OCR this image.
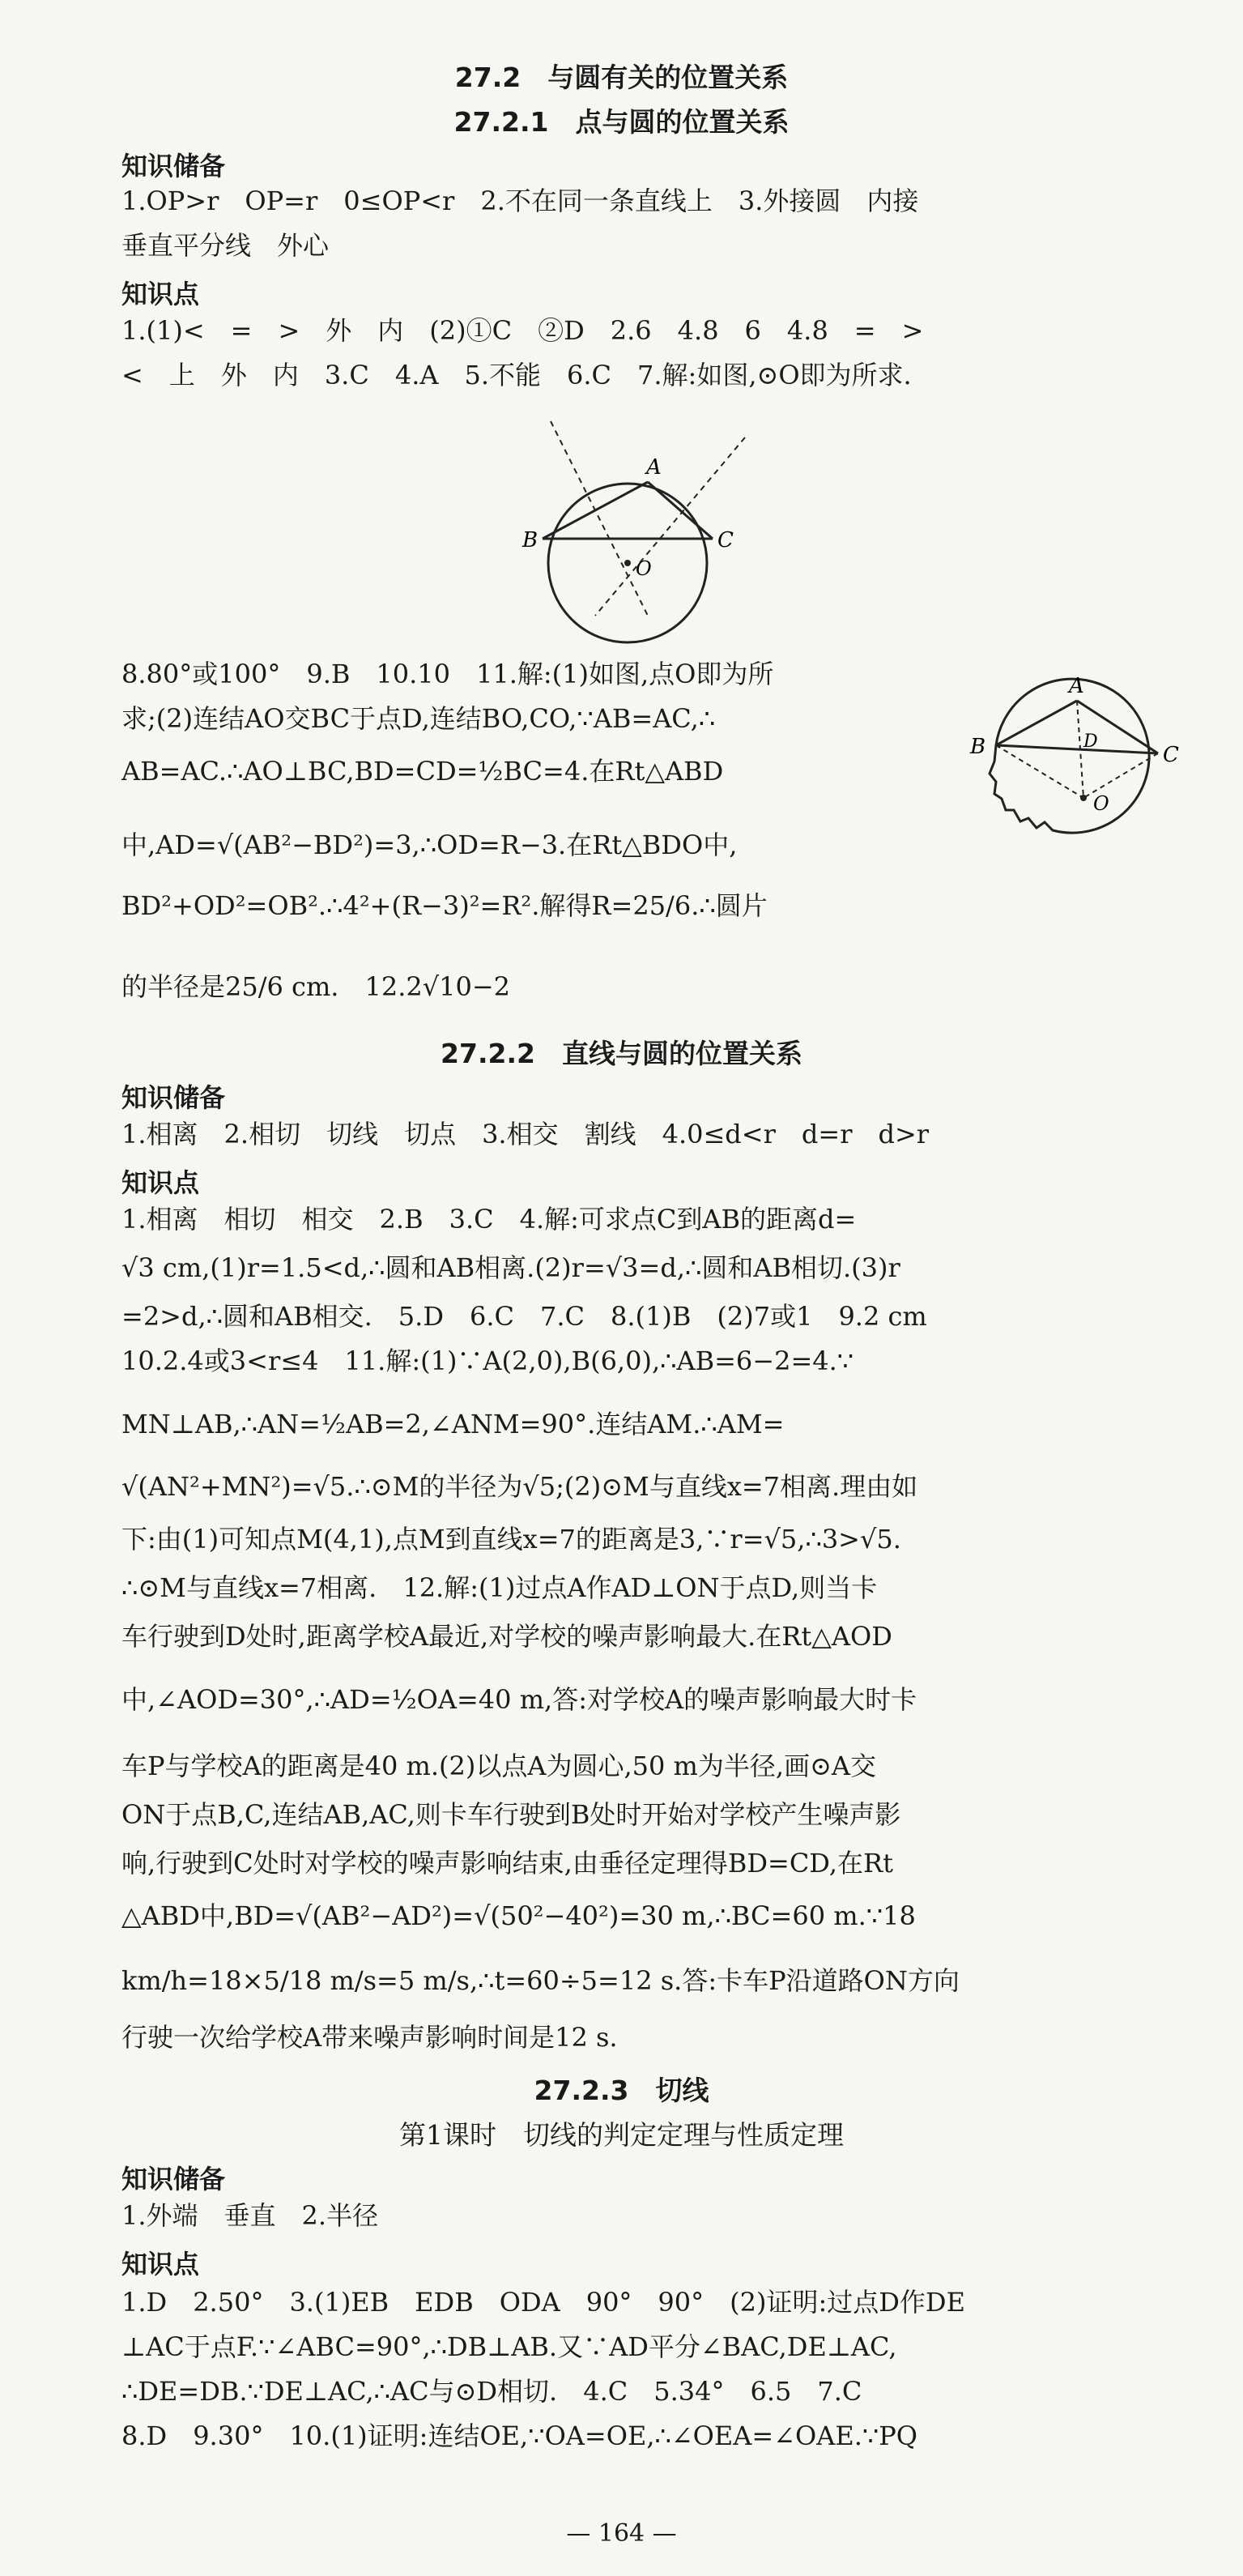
27.2　与圆有关的位置关系
27.2.1　点与圆的位置关系
知识储备
1.OP>r　OP=r　0≤OP<r　2.不在同一条直线上　3.外接圆　内接
垂直平分线　外心
知识点
1.(1)<　=　>　外　内　(2)①C　②D　2.6　4.8　6　4.8　=　>
<　上　外　内　3.C　4.A　5.不能　6.C　7.解:如图,⊙O即为所求.
A
B	C
O
8.80°或100°　9.B　10.10　11.解:(1)如图,点O即为所
求;(2)连结AO交BC于点D,连结BO,CO,∵AB=AC,∴
AB=AC.∴AO⊥BC,BD=CD=½BC=4.在Rt△ABD
中,AD=√(AB²−BD²)=3,∴OD=R−3.在Rt△BDO中,
BD²+OD²=OB².∴4²+(R−3)²=R².解得R=25/6.∴圆片
的半径是25/6 cm.　12.2√10−2
A
B	C
D
O
27.2.2　直线与圆的位置关系
知识储备
1.相离　2.相切　切线　切点　3.相交　割线　4.0≤d<r　d=r　d>r
知识点
1.相离　相切　相交　2.B　3.C　4.解:可求点C到AB的距离d=
√3 cm,(1)r=1.5<d,∴圆和AB相离.(2)r=√3=d,∴圆和AB相切.(3)r
=2>d,∴圆和AB相交.　5.D　6.C　7.C　8.(1)B　(2)7或1　9.2 cm
10.2.4或3<r≤4　11.解:(1)∵A(2,0),B(6,0),∴AB=6−2=4.∵
MN⊥AB,∴AN=½AB=2,∠ANM=90°.连结AM.∴AM=
√(AN²+MN²)=√5.∴⊙M的半径为√5;(2)⊙M与直线x=7相离.理由如
下:由(1)可知点M(4,1),点M到直线x=7的距离是3,∵r=√5,∴3>√5.
∴⊙M与直线x=7相离.　12.解:(1)过点A作AD⊥ON于点D,则当卡
车行驶到D处时,距离学校A最近,对学校的噪声影响最大.在Rt△AOD
中,∠AOD=30°,∴AD=½OA=40 m,答:对学校A的噪声影响最大时卡
车P与学校A的距离是40 m.(2)以点A为圆心,50 m为半径,画⊙A交
ON于点B,C,连结AB,AC,则卡车行驶到B处时开始对学校产生噪声影
响,行驶到C处时对学校的噪声影响结束,由垂径定理得BD=CD,在Rt
△ABD中,BD=√(AB²−AD²)=√(50²−40²)=30 m,∴BC=60 m.∵18
km/h=18×5/18 m/s=5 m/s,∴t=60÷5=12 s.答:卡车P沿道路ON方向
行驶一次给学校A带来噪声影响时间是12 s.
27.2.3　切线
第1课时　切线的判定定理与性质定理
知识储备
1.外端　垂直　2.半径
知识点
1.D　2.50°　3.(1)EB　EDB　ODA　90°　90°　(2)证明:过点D作DE
⊥AC于点F.∵∠ABC=90°,∴DB⊥AB.又∵AD平分∠BAC,DE⊥AC,
∴DE=DB.∵DE⊥AC,∴AC与⊙D相切.　4.C　5.34°　6.5　7.C
8.D　9.30°　10.(1)证明:连结OE,∵OA=OE,∴∠OEA=∠OAE.∵PQ
— 164 —
